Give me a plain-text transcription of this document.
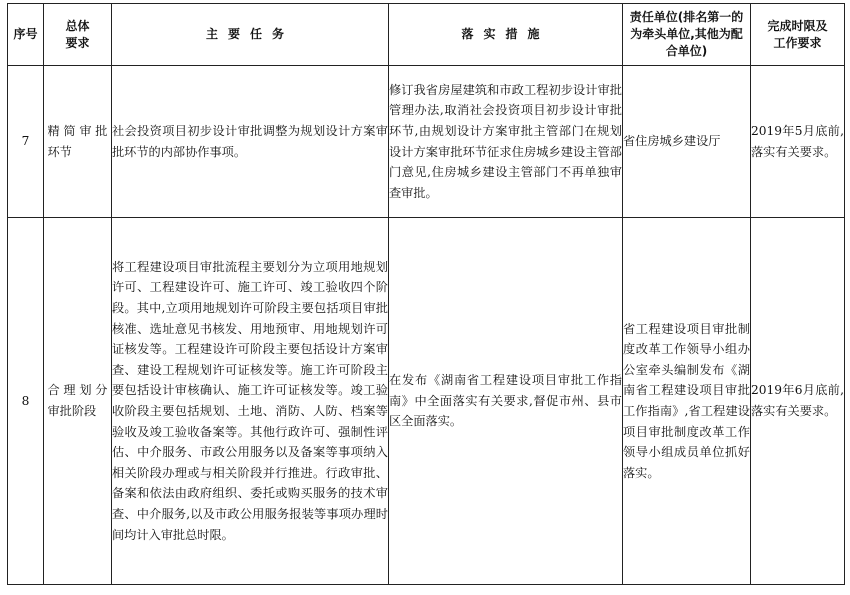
序号	总体要求	主要任务	落实措施	责任单位(排名第一的为牵头单位,其他为配合单位)	完成时限及工作要求
7	精简审批环节	社会投资项目初步设计审批调整为规划设计方案审批环节的内部协作事项。	修订我省房屋建筑和市政工程初步设计审批管理办法,取消社会投资项目初步设计审批环节,由规划设计方案审批主管部门在规划设计方案审批环节征求住房城乡建设主管部门意见,住房城乡建设主管部门不再单独审查审批。	省住房城乡建设厅	2019年5月底前,落实有关要求。
8	合理划分审批阶段	将工程建设项目审批流程主要划分为立项用地规划许可、工程建设许可、施工许可、竣工验收四个阶段。其中,立项用地规划许可阶段主要包括项目审批核准、选址意见书核发、用地预审、用地规划许可证核发等。工程建设许可阶段主要包括设计方案审查、建设工程规划许可证核发等。施工许可阶段主要包括设计审核确认、施工许可证核发等。竣工验收阶段主要包括规划、土地、消防、人防、档案等验收及竣工验收备案等。其他行政许可、强制性评估、中介服务、市政公用服务以及备案等事项纳入相关阶段办理或与相关阶段并行推进。行政审批、备案和依法由政府组织、委托或购买服务的技术审查、中介服务,以及市政公用服务报装等事项办理时间均计入审批总时限。	在发布《湖南省工程建设项目审批工作指南》中全面落实有关要求,督促市州、县市区全面落实。	省工程建设项目审批制度改革工作领导小组办公室牵头编制发布《湖南省工程建设项目审批工作指南》,省工程建设项目审批制度改革工作领导小组成员单位抓好落实。	2019年6月底前,落实有关要求。
